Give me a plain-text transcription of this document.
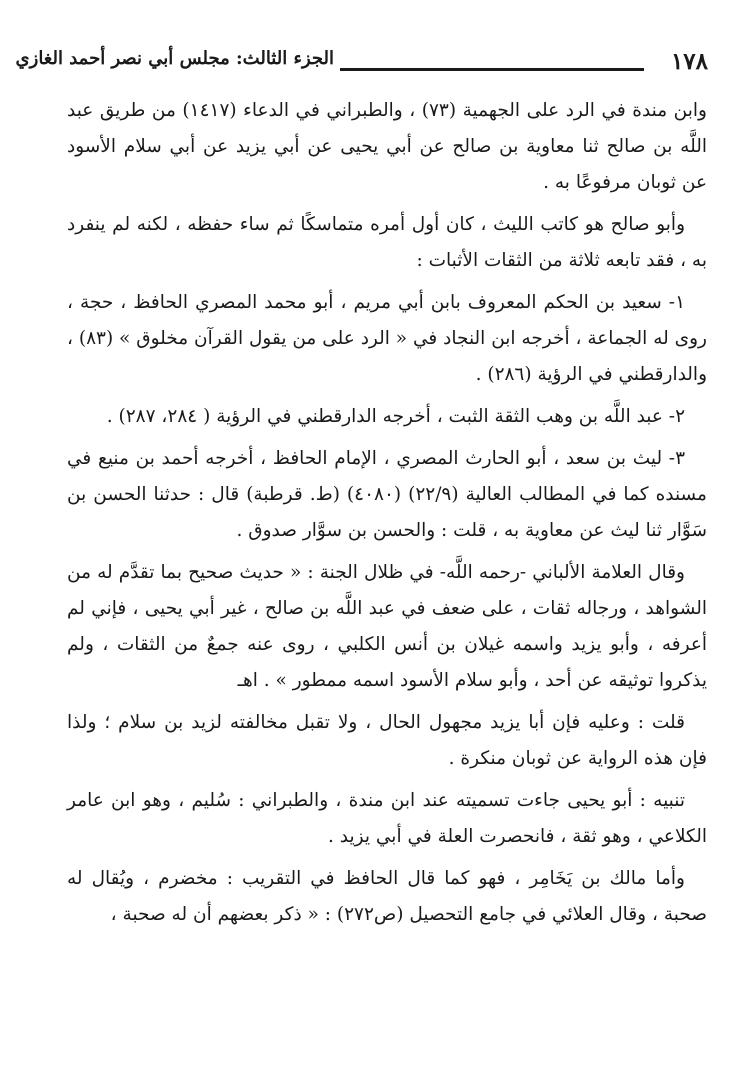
١٧٨
الجزء الثالث: مجلس أبي نصر أحمد الغازي

وابن مندة في الرد على الجهمية (٧٣) ، والطبراني في الدعاء (١٤١٧) من طريق عبد اللَّه بن صالح ثنا معاوية بن صالح عن أبي يحيى عن أبي يزيد عن أبي سلام الأسود عن ثوبان مرفوعًا به .

وأبو صالح هو كاتب الليث ، كان أول أمره متماسكًا ثم ساء حفظه ، لكنه لم ينفرد به ، فقد تابعه ثلاثة من الثقات الأثبات :

١- سعيد بن الحكم المعروف بابن أبي مريم ، أبو محمد المصري الحافظ ، حجة ، روى له الجماعة ، أخرجه ابن النجاد في « الرد على من يقول القرآن مخلوق » (٨٣) ، والدارقطني في الرؤية (٢٨٦) .

٢- عبد اللَّه بن وهب الثقة الثبت ، أخرجه الدارقطني في الرؤية ( ٢٨٤، ٢٨٧) .

٣- ليث بن سعد ، أبو الحارث المصري ، الإمام الحافظ ، أخرجه أحمد بن منيع في مسنده كما في المطالب العالية (٢٢/٩) (٤٠٨٠) (ط. قرطبة) قال : حدثنا الحسن بن سَوَّار ثنا ليث عن معاوية به ، قلت : والحسن بن سوَّار صدوق .

وقال العلامة الألباني -رحمه اللَّه- في ظلال الجنة : « حديث صحيح بما تقدَّم له من الشواهد ، ورجاله ثقات ، على ضعف في عبد اللَّه بن صالح ، غير أبي يحيى ، فإني لم أعرفه ، وأبو يزيد واسمه غيلان بن أنس الكلبي ، روى عنه جمعٌ من الثقات ، ولم يذكروا توثيقه عن أحد ، وأبو سلام الأسود اسمه ممطور » . اهـ

قلت : وعليه فإن أبا يزيد مجهول الحال ، ولا تقبل مخالفته لزيد بن سلام ؛ ولذا فإن هذه الرواية عن ثوبان منكرة .

تنبيه : أبو يحيى جاءت تسميته عند ابن مندة ، والطبراني : سُليم ، وهو ابن عامر الكلاعي ، وهو ثقة ، فانحصرت العلة في أبي يزيد .

وأما مالك بن يَخَامِر ، فهو كما قال الحافظ في التقريب : مخضرم ، ويُقال له صحبة ، وقال العلائي في جامع التحصيل (ص٢٧٢) : « ذكر بعضهم أن له صحبة ،
